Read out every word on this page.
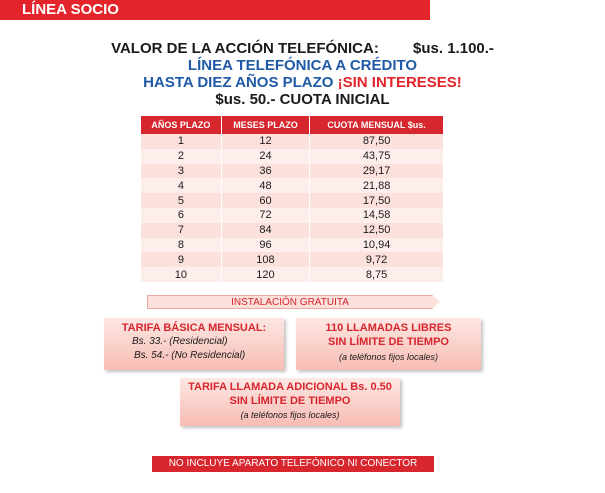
LÍNEA SOCIO
VALOR DE LA ACCIÓN TELEFÓNICA: $us. 1.100.-
LÍNEA TELEFÓNICA A CRÉDITO
HASTA DIEZ AÑOS PLAZO ¡SIN INTERESES!
$us. 50.- CUOTA INICIAL
AÑOS PLAZO	MESES PLAZO	CUOTA MENSUAL $us.
1	12	87,50
2	24	43,75
3	36	29,17
4	48	21,88
5	60	17,50
6	72	14,58
7	84	12,50
8	96	10,94
9	108	9,72
10	120	8,75
INSTALACIÓN GRATUITA
TARIFA BÁSICA MENSUAL:
Bs. 33.- (Residencial)
Bs. 54.- (No Residencial)
110 LLAMADAS LIBRES
SIN LÍMITE DE TIEMPO
(a teléfonos fijos locales)
TARIFA LLAMADA ADICIONAL Bs. 0.50
SIN LÍMITE DE TIEMPO
(a teléfonos fijos locales)
NO INCLUYE APARATO TELEFÓNICO NI CONECTOR
